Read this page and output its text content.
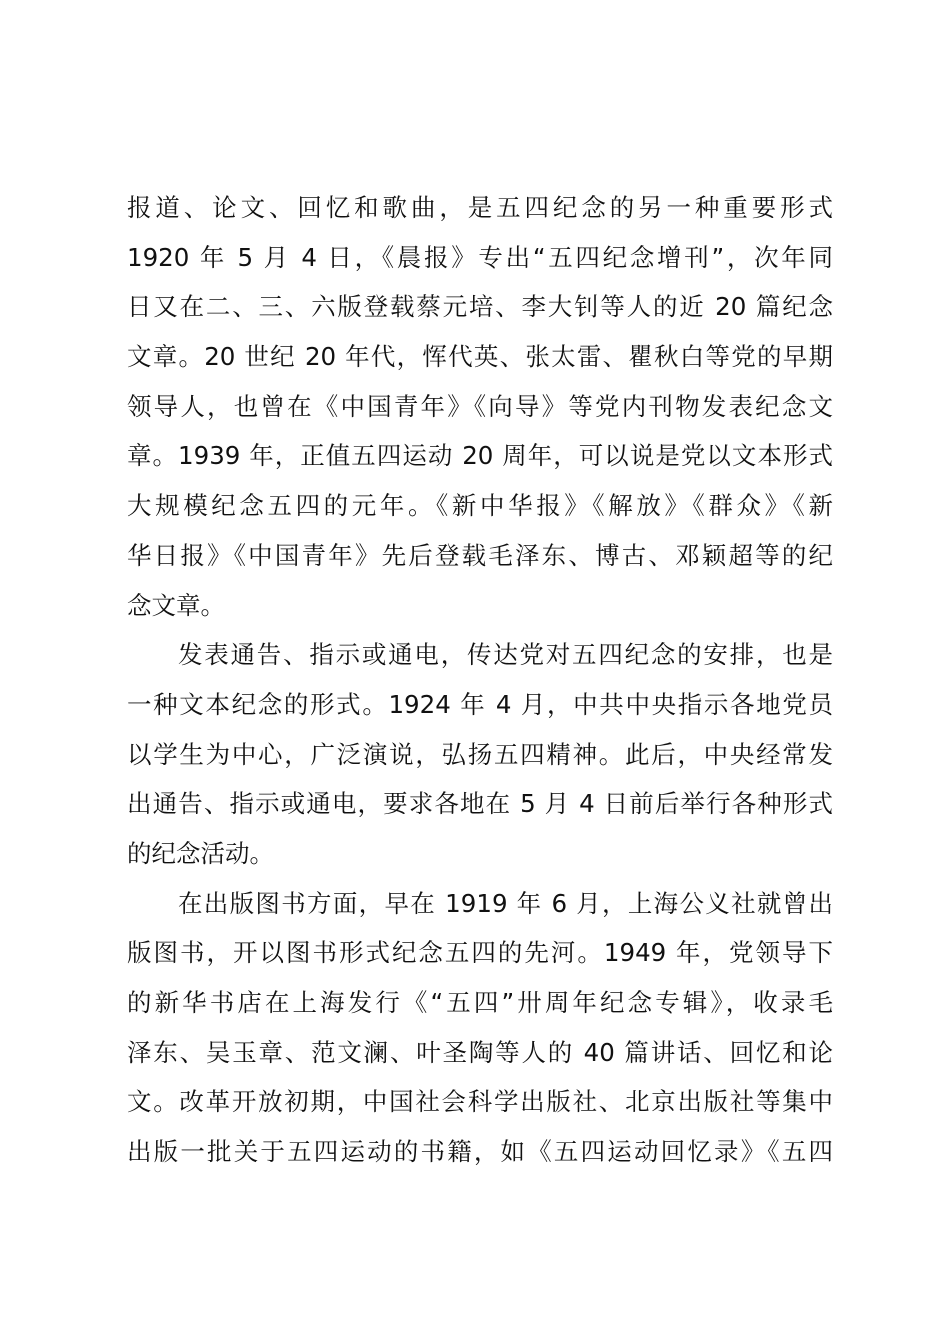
报道、论文、回忆和歌曲，是五四纪念的另一种重要形式
1920 年 5 月 4 日，《晨报》专出“五四纪念增刊”，次年同
日又在二、三、六版登载蔡元培、李大钊等人的近 20 篇纪念
文章。20 世纪 20 年代，恽代英、张太雷、瞿秋白等党的早期
领导人，也曾在《中国青年》《向导》等党内刊物发表纪念文
章。1939 年，正值五四运动 20 周年，可以说是党以文本形式
大规模纪念五四的元年。《新中华报》《解放》《群众》《新
华日报》《中国青年》先后登载毛泽东、博古、邓颖超等的纪
念文章。
发表通告、指示或通电，传达党对五四纪念的安排，也是
一种文本纪念的形式。1924 年 4 月，中共中央指示各地党员
以学生为中心，广泛演说，弘扬五四精神。此后，中央经常发
出通告、指示或通电，要求各地在 5 月 4 日前后举行各种形式
的纪念活动。
在出版图书方面，早在 1919 年 6 月，上海公义社就曾出
版图书，开以图书形式纪念五四的先河。1949 年，党领导下
的新华书店在上海发行《“五四”卅周年纪念专辑》，收录毛
泽东、吴玉章、范文澜、叶圣陶等人的 40 篇讲话、回忆和论
文。改革开放初期，中国社会科学出版社、北京出版社等集中
出版一批关于五四运动的书籍，如《五四运动回忆录》《五四
